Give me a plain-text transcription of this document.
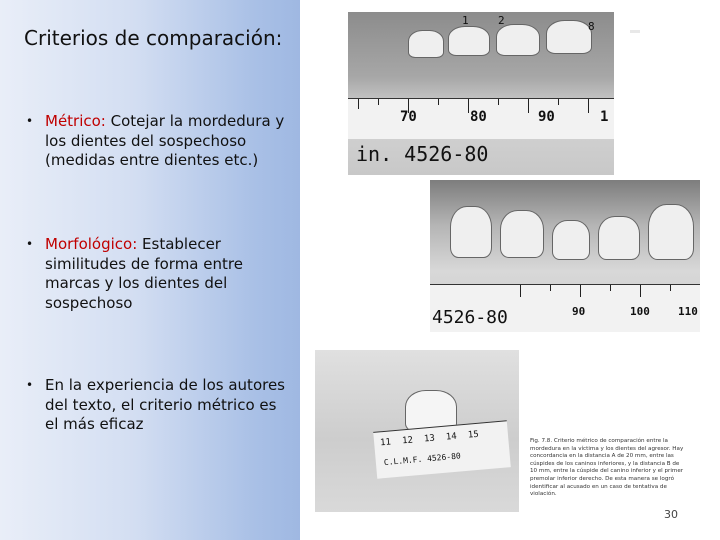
Criterios de comparación:
• Métrico: Cotejar la mordedura y los dientes del sospechoso (medidas entre dientes etc.)
• Morfológico: Establecer similitudes de forma entre marcas y los dientes del sospechoso
• En la experiencia de los autores del texto, el criterio métrico es el más eficaz
1	2	8
70	80	90	1
in. 4526-80
4526-80	90	100	110
11 12 13 14 15
C.L.M.F. 4526-80
Fig. 7.8. Criterio métrico de comparación entre la mordedura en la víctima y los dientes del agresor. Hay concordancia en la distancia A de 20 mm, entre las cúspides de los caninos inferiores, y la distancia B de 10 mm, entre la cúspide del canino inferior y el primer premolar inferior derecho. De esta manera se logró identificar al acusado en un caso de tentativa de violación.
30
